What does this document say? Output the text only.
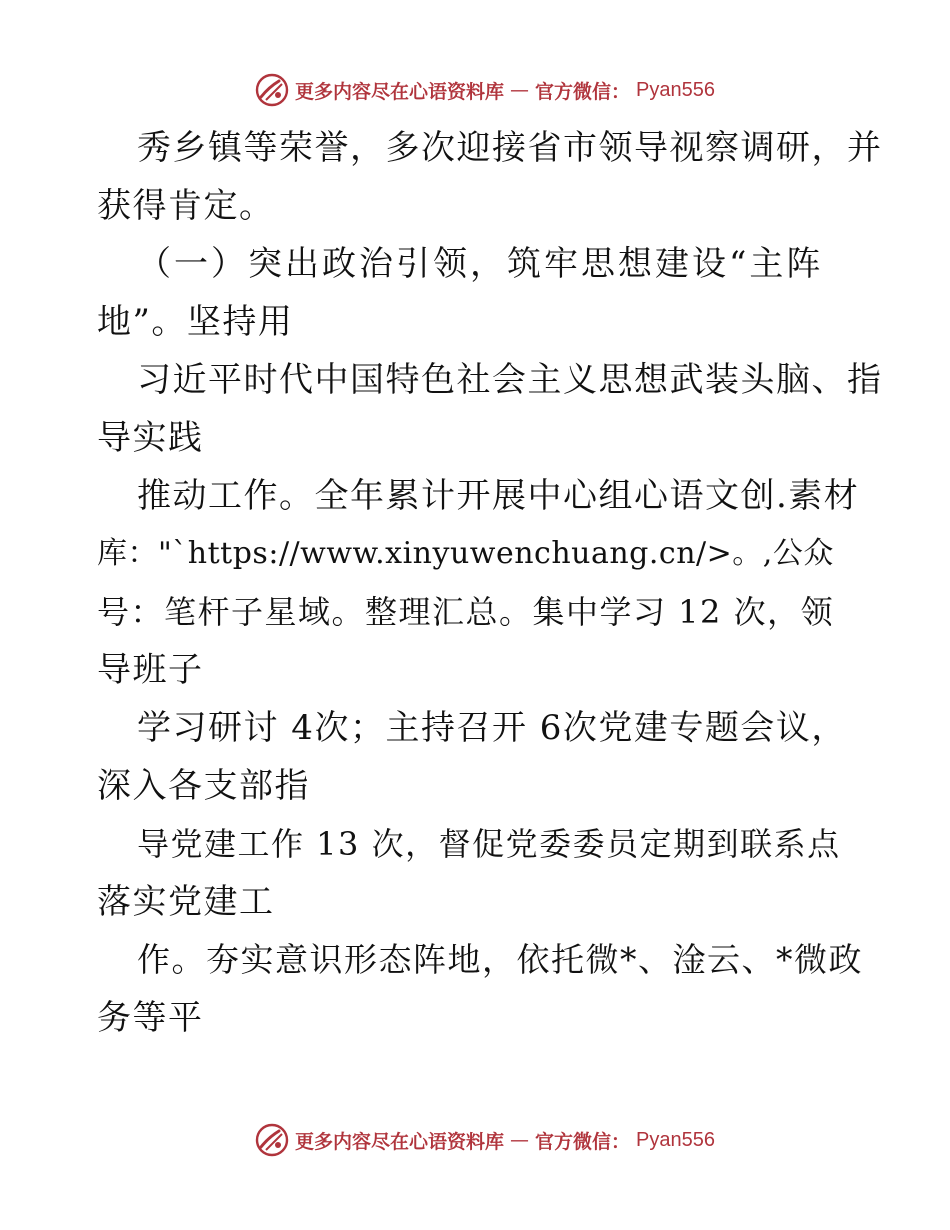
更多内容尽在心语资料库 — 官方微信： Pyan556
秀乡镇等荣誉，多次迎接省市领导视察调研，并
获得肯定。
（一）突出政治引领，筑牢思想建设“主阵
地”。坚持用
习近平时代中国特色社会主义思想武装头脑、指
导实践
推动工作。全年累计开展中心组心语文创.素材
库："`https://www.xinyuwenchuang.cn/>。,公众
号：笔杆子星域。整理汇总。集中学习 12 次，领
导班子
学习研讨 4次；主持召开 6次党建专题会议，
深入各支部指
导党建工作 13 次，督促党委委员定期到联系点
落实党建工
作。夯实意识形态阵地，依托微*、淦云、*微政
务等平
更多内容尽在心语资料库 — 官方微信： Pyan556
